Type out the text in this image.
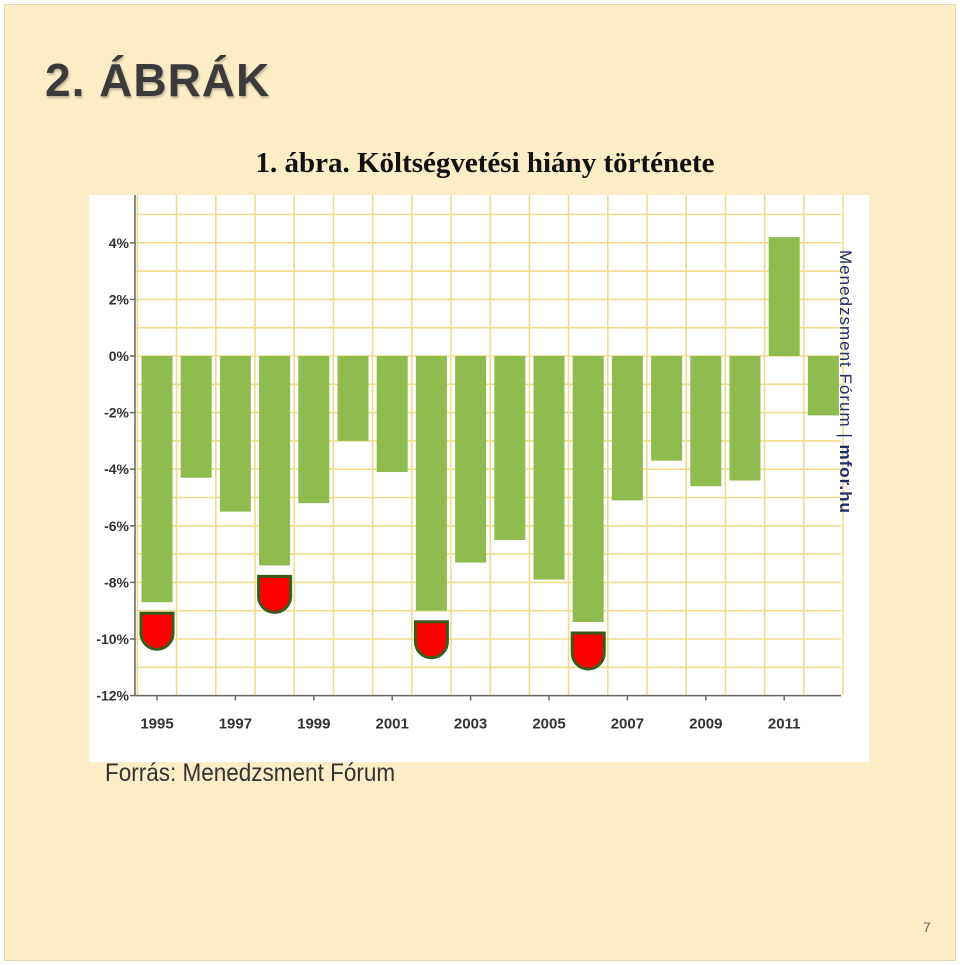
2. ÁBRÁK
1. ábra. Költségvetési hiány története
4%
2%
0%
-2%
-4%
-6%
-8%
-10%
-12%
1995	1997	1999	2001	2003	2005	2007	2009	2011
Menedzsment Fórum | mfor.hu
Forrás: Menedzsment Fórum
7
